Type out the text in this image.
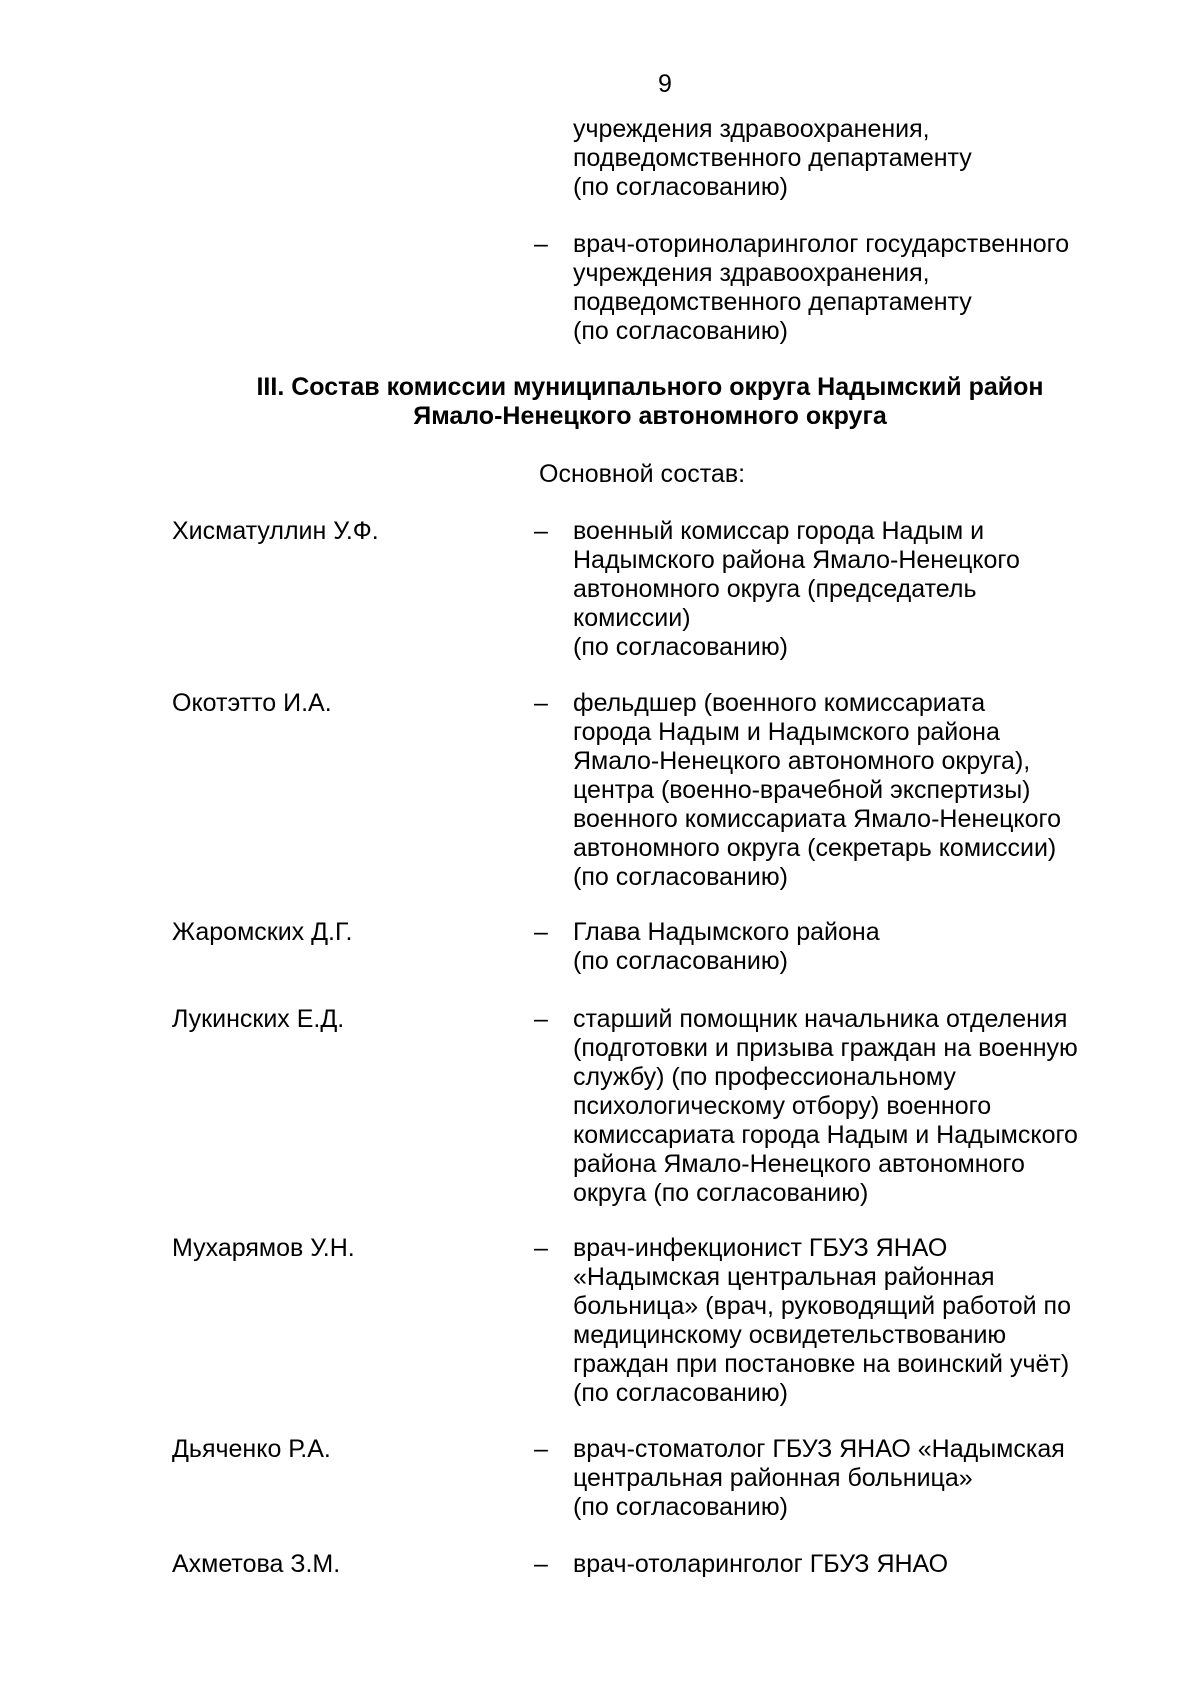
9
учреждения здравоохранения,
подведомственного департаменту
(по согласованию)
– врач-оториноларинголог государственного
учреждения здравоохранения,
подведомственного департаменту
(по согласованию)
III. Состав комиссии муниципального округа Надымский район
Ямало-Ненецкого автономного округа
Основной состав:
Хисматуллин У.Ф.	– военный комиссар города Надым и
Надымского района Ямало-Ненецкого
автономного округа (председатель
комиссии)
(по согласованию)
Окотэтто И.А.	– фельдшер (военного комиссариата
города Надым и Надымского района
Ямало-Ненецкого автономного округа),
центра (военно-врачебной экспертизы)
военного комиссариата Ямало-Ненецкого
автономного округа (секретарь комиссии)
(по согласованию)
Жаромских Д.Г.	– Глава Надымского района
(по согласованию)
Лукинских Е.Д.	– старший помощник начальника отделения
(подготовки и призыва граждан на военную
службу) (по профессиональному
психологическому отбору) военного
комиссариата города Надым и Надымского
района Ямало-Ненецкого автономного
округа (по согласованию)
Мухарямов У.Н.	– врач-инфекционист ГБУЗ ЯНАО
«Надымская центральная районная
больница» (врач, руководящий работой по
медицинскому освидетельствованию
граждан при постановке на воинский учёт)
(по согласованию)
Дьяченко Р.А.	– врач-стоматолог ГБУЗ ЯНАО «Надымская
центральная районная больница»
(по согласованию)
Ахметова З.М.	– врач-отоларинголог ГБУЗ ЯНАО
